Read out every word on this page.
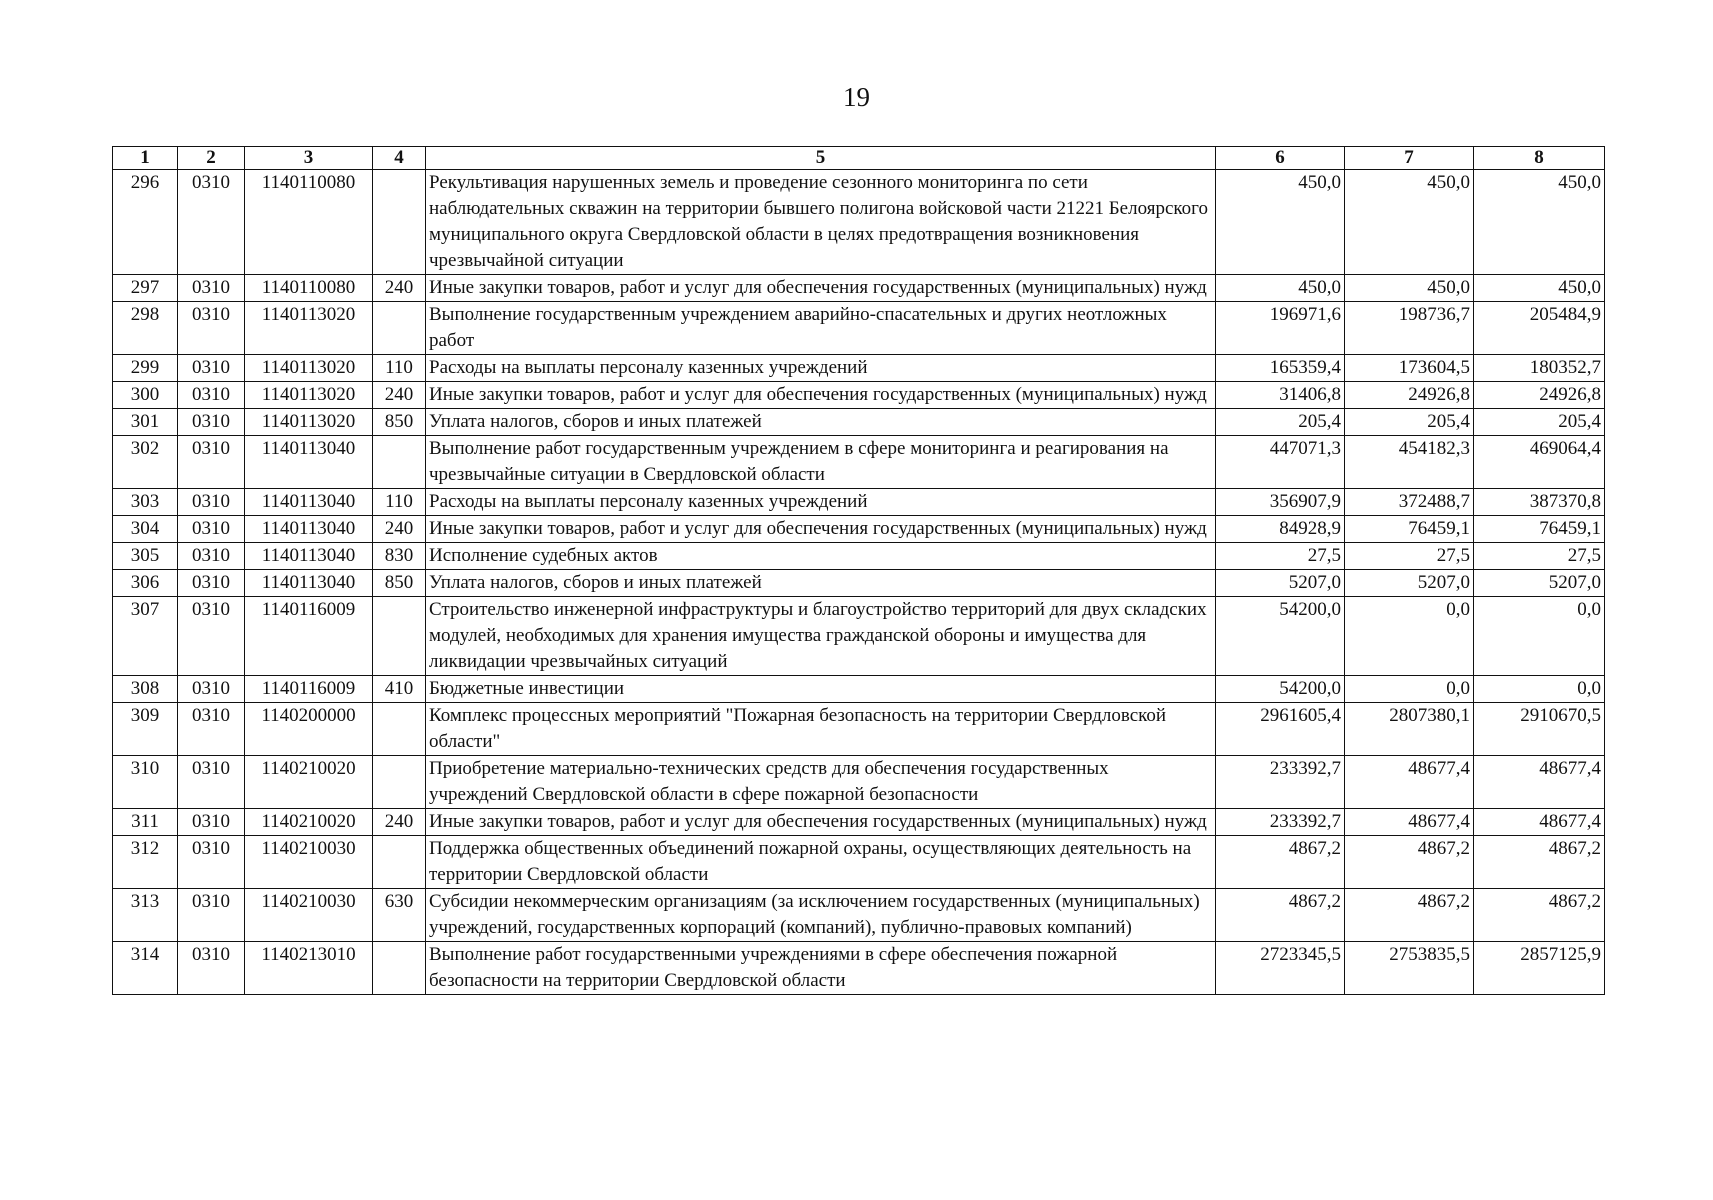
19
1	2	3	4	5	6	7	8
296	0310	1140110080		Рекультивация нарушенных земель и проведение сезонного мониторинга по сети наблюдательных скважин на территории бывшего полигона войсковой части 21221 Белоярского муниципального округа Свердловской области в целях предотвращения возникновения чрезвычайной ситуации	450,0	450,0	450,0
297	0310	1140110080	240	Иные закупки товаров, работ и услуг для обеспечения государственных (муниципальных) нужд	450,0	450,0	450,0
298	0310	1140113020		Выполнение государственным учреждением аварийно-спасательных и других неотложных работ	196971,6	198736,7	205484,9
299	0310	1140113020	110	Расходы на выплаты персоналу казенных учреждений	165359,4	173604,5	180352,7
300	0310	1140113020	240	Иные закупки товаров, работ и услуг для обеспечения государственных (муниципальных) нужд	31406,8	24926,8	24926,8
301	0310	1140113020	850	Уплата налогов, сборов и иных платежей	205,4	205,4	205,4
302	0310	1140113040		Выполнение работ государственным учреждением в сфере мониторинга и реагирования на чрезвычайные ситуации в Свердловской области	447071,3	454182,3	469064,4
303	0310	1140113040	110	Расходы на выплаты персоналу казенных учреждений	356907,9	372488,7	387370,8
304	0310	1140113040	240	Иные закупки товаров, работ и услуг для обеспечения государственных (муниципальных) нужд	84928,9	76459,1	76459,1
305	0310	1140113040	830	Исполнение судебных актов	27,5	27,5	27,5
306	0310	1140113040	850	Уплата налогов, сборов и иных платежей	5207,0	5207,0	5207,0
307	0310	1140116009		Строительство инженерной инфраструктуры и благоустройство территорий для двух складских модулей, необходимых для хранения имущества гражданской обороны и имущества для ликвидации чрезвычайных ситуаций	54200,0	0,0	0,0
308	0310	1140116009	410	Бюджетные инвестиции	54200,0	0,0	0,0
309	0310	1140200000		Комплекс процессных мероприятий "Пожарная безопасность на территории Свердловской области"	2961605,4	2807380,1	2910670,5
310	0310	1140210020		Приобретение материально-технических средств для обеспечения государственных учреждений Свердловской области в сфере пожарной безопасности	233392,7	48677,4	48677,4
311	0310	1140210020	240	Иные закупки товаров, работ и услуг для обеспечения государственных (муниципальных) нужд	233392,7	48677,4	48677,4
312	0310	1140210030		Поддержка общественных объединений пожарной охраны, осуществляющих деятельность на территории Свердловской области	4867,2	4867,2	4867,2
313	0310	1140210030	630	Субсидии некоммерческим организациям (за исключением государственных (муниципальных) учреждений, государственных корпораций (компаний), публично-правовых компаний)	4867,2	4867,2	4867,2
314	0310	1140213010		Выполнение работ государственными учреждениями в сфере обеспечения пожарной безопасности на территории Свердловской области	2723345,5	2753835,5	2857125,9
